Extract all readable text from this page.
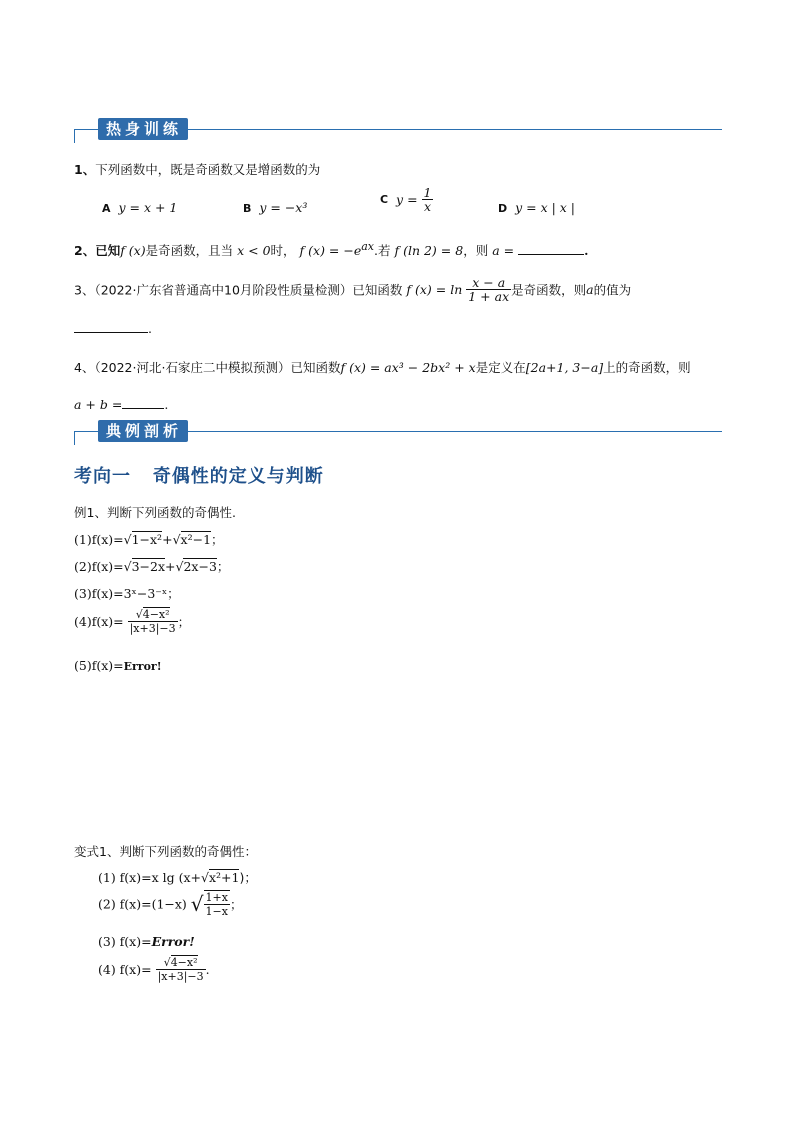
热身训练
1、下列函数中，既是奇函数又是增函数的为
A y = x + 1	B y = −x³
C $y = \frac{1}{x}$	D y = x | x |
2、已知f (x)是奇函数，且当 x < 0时， f $(x) = -e^{ax}$.若 f (ln 2) = 8，则 a =	.
3、（2022·广东省普通高中10月阶段性质量检测）已知函数 f $(x) = \ln \frac{x - a}{1 + ax}$ 是奇函数，则a的值为
.
4、（2022·河北·石家庄二中模拟预测）已知函数f (x) = ax³ − 2bx² + x是定义在[2a+1, 3−a]上的奇函数，则
a + b =	.
典例剖析
考向一 奇偶性的定义与判断
例1、判断下列函数的奇偶性.
(1)f(x)=√1−x²+√x²−1；
(2)f(x)=√3−2x+√2x−3；
(3)f(x)=3ˣ−3⁻ˣ；
$(4)f(x)= \frac{\text{√4−x²}}{|x+3|-3}$ ；
(5)f(x)=Error!
变式1、判断下列函数的奇偶性：
(1) f(x)=x lg (x+√x²+1)；
(2) f(x)=(1−x) √ $\frac{1+x}{1-x}$ ；
(3) f(x)=Error!
(4) $f(x)= \frac{\text{√4−x²}}{|x+3|-3}$ .
